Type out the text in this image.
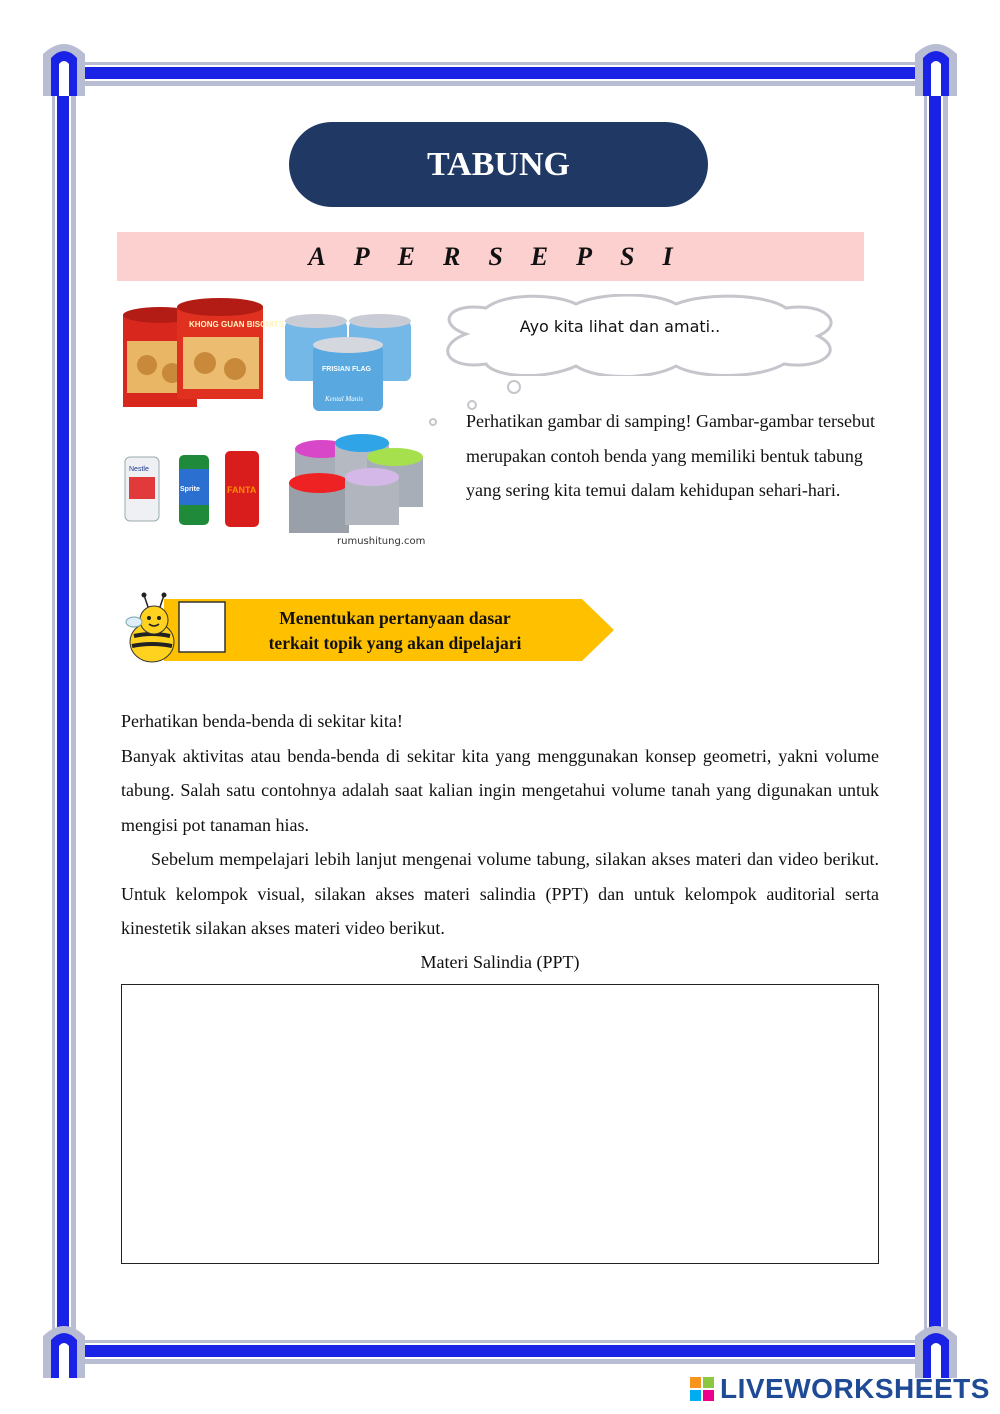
TABUNG
APERSEPSI
KHONG GUAN BISCUITS
FRISIAN FLAG
Kental Manis
Nestle
Sprite	FANTA
rumushitung.com
Ayo kita lihat dan amati..
Perhatikan gambar di samping! Gambar-gambar tersebut merupakan contoh benda yang memiliki bentuk tabung yang sering kita temui dalam kehidupan sehari-hari.
Menentukan pertanyaan dasar
terkait topik yang akan dipelajari

Perhatikan benda-benda di sekitar kita!

Banyak aktivitas atau benda-benda di sekitar kita yang menggunakan konsep geometri, yakni volume tabung. Salah satu contohnya adalah saat kalian ingin mengetahui volume tanah yang digunakan untuk mengisi pot tanaman hias.

Sebelum mempelajari lebih lanjut mengenai volume tabung, silakan akses materi dan video berikut. Untuk kelompok visual, silakan akses materi salindia (PPT) dan untuk kelompok auditorial serta kinestetik silakan akses materi video berikut.

Materi Salindia (PPT)
LIVEWORKSHEETS
